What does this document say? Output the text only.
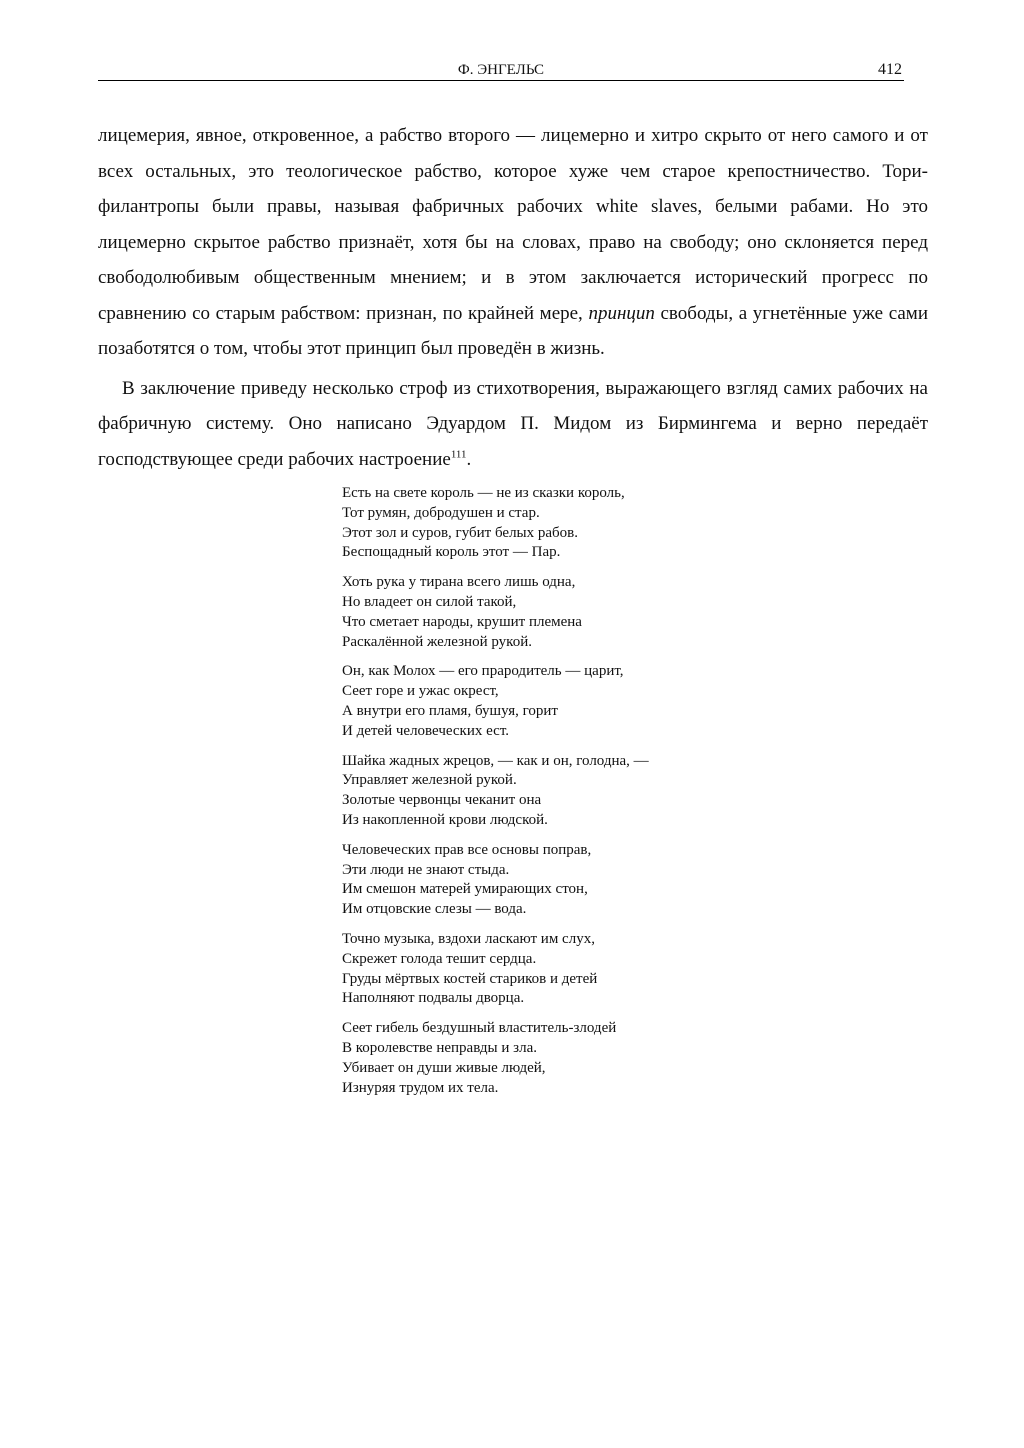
Ф. ЭНГЕЛЬС	412

лицемерия, явное, откровенное, а рабство второго — лицемерно и хитро скрыто от него самого и от всех остальных, это теологическое рабство, которое хуже чем старое крепостничество. Тори-филантропы были правы, называя фабричных рабочих white slaves, белыми рабами. Но это лицемерно скрытое рабство признаёт, хотя бы на словах, право на свободу; оно склоняется перед свободолюбивым общественным мнением; и в этом заключается исторический прогресс по сравнению со старым рабством: признан, по крайней мере, принцип свободы, а угнетённые уже сами позаботятся о том, чтобы этот принцип был проведён в жизнь.

В заключение приведу несколько строф из стихотворения, выражающего взгляд самих рабочих на фабричную систему. Оно написано Эдуардом П. Мидом из Бирмингема и верно передаёт господствующее среди рабочих настроение$^{111}$.

Есть на свете король — не из сказки король,
Тот румян, добродушен и стар.
Этот зол и суров, губит белых рабов.
Беспощадный король этот — Пар.
Хоть рука у тирана всего лишь одна,
Но владеет он силой такой,
Что сметает народы, крушит племена
Раскалённой железной рукой.
Он, как Молох — его прародитель — царит,
Сеет горе и ужас окрест,
А внутри его пламя, бушуя, горит
И детей человеческих ест.
Шайка жадных жрецов, — как и он, голодна, —
Управляет железной рукой.
Золотые червонцы чеканит она
Из накопленной крови людской.
Человеческих прав все основы поправ,
Эти люди не знают стыда.
Им смешон матерей умирающих стон,
Им отцовские слезы — вода.
Точно музыка, вздохи ласкают им слух,
Скрежет голода тешит сердца.
Груды мёртвых костей стариков и детей
Наполняют подвалы дворца.
Сеет гибель бездушный властитель-злодей
В королевстве неправды и зла.
Убивает он души живые людей,
Изнуряя трудом их тела.
